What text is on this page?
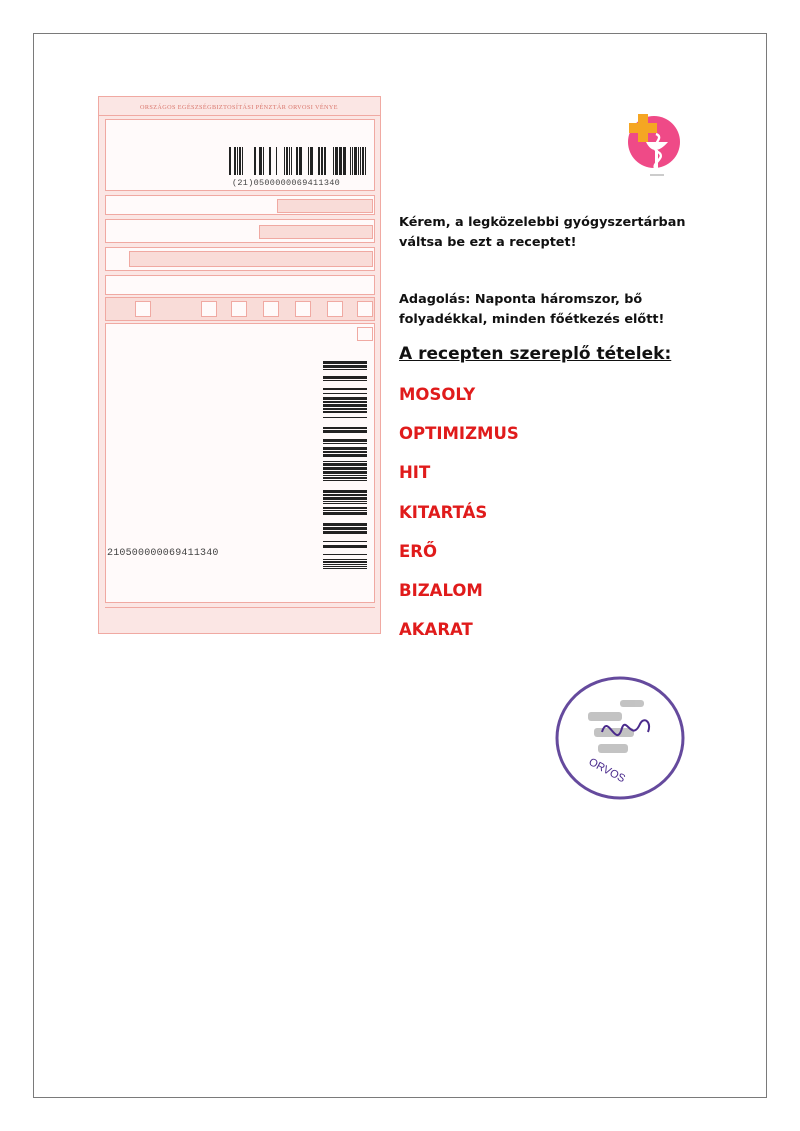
ORSZÁGOS EGÉSZSÉGBIZTOSÍTÁSI PÉNZTÁR ORVOSI VÉNYE

(21)0500000069411340
210500000069411340

Kérem, a legközelebbi gyógyszertárban váltsa be ezt a receptet!

Adagolás: Naponta háromszor, bő folyadékkal, minden főétkezés előtt!

A recepten szereplő tételek:
MOSOLY
OPTIMIZMUS
HIT
KITARTÁS
ERŐ
BIZALOM
AKARAT
ORVOS
